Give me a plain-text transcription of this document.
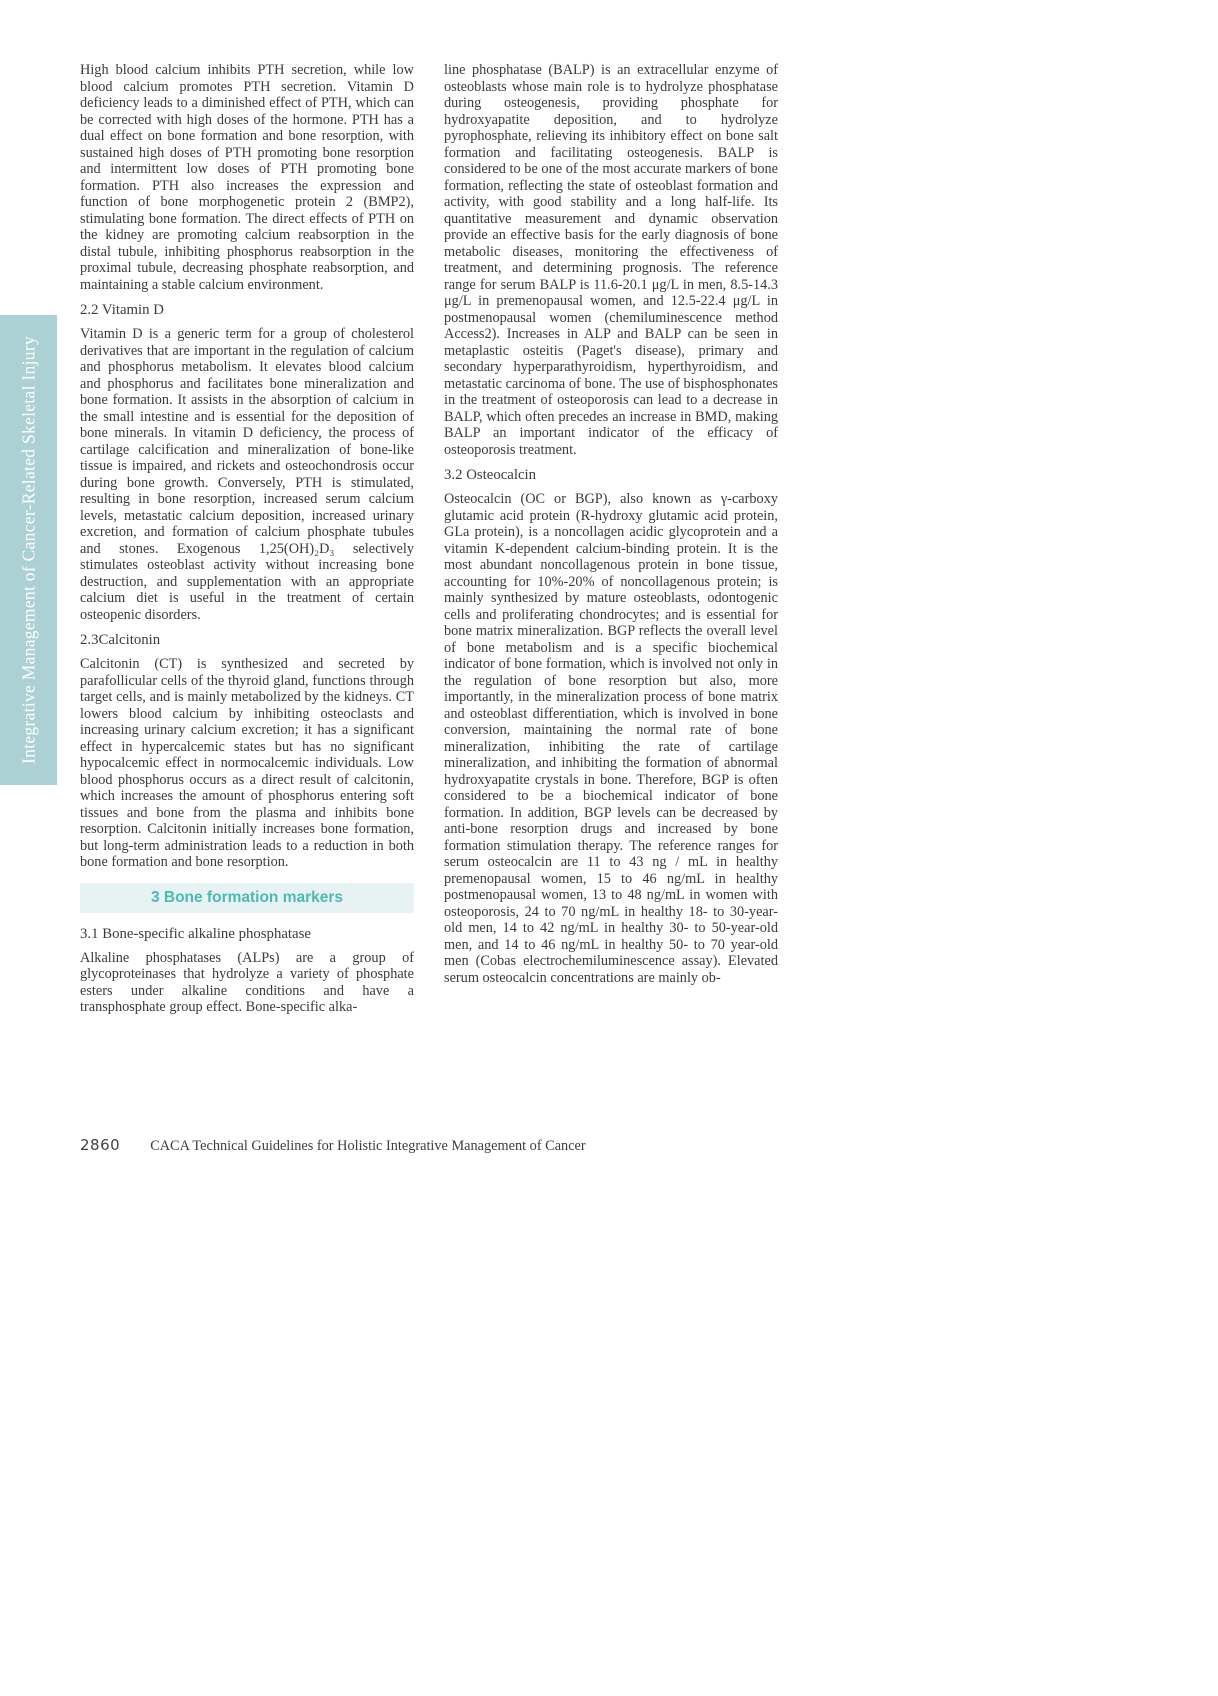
Integrative Management of Cancer-Related Skeletal Injury

High blood calcium inhibits PTH secretion, while low blood calcium promotes PTH secretion. Vitamin D deficiency leads to a diminished effect of PTH, which can be corrected with high doses of the hormone. PTH has a dual effect on bone formation and bone resorption, with sustained high doses of PTH promoting bone resorption and intermittent low doses of PTH promoting bone formation. PTH also increases the expression and function of bone morphogenetic protein 2 (BMP2), stimulating bone formation. The direct effects of PTH on the kidney are promoting calcium reabsorption in the distal tubule, inhibiting phosphorus reabsorption in the proximal tubule, decreasing phosphate reabsorption, and maintaining a stable calcium environment.

2.2 Vitamin D

Vitamin D is a generic term for a group of cholesterol derivatives that are important in the regulation of calcium and phosphorus metabolism. It elevates blood calcium and phosphorus and facilitates bone mineralization and bone formation. It assists in the absorption of calcium in the small intestine and is essential for the deposition of bone minerals. In vitamin D deficiency, the process of cartilage calcification and mineralization of bone-like tissue is impaired, and rickets and osteochondrosis occur during bone growth. Conversely, PTH is stimulated, resulting in bone resorption, increased serum calcium levels, metastatic calcium deposition, increased urinary excretion, and formation of calcium phosphate tubules and stones. Exogenous 1,25(OH)₂D₃ selectively stimulates osteoblast activity without increasing bone destruction, and supplementation with an appropriate calcium diet is useful in the treatment of certain osteopenic disorders.

2.3Calcitonin

Calcitonin (CT) is synthesized and secreted by parafollicular cells of the thyroid gland, functions through target cells, and is mainly metabolized by the kidneys. CT lowers blood calcium by inhibiting osteoclasts and increasing urinary calcium excretion; it has a significant effect in hypercalcemic states but has no significant hypocalcemic effect in normocalcemic individuals. Low blood phosphorus occurs as a direct result of calcitonin, which increases the amount of phosphorus entering soft tissues and bone from the plasma and inhibits bone resorption. Calcitonin initially increases bone formation, but long-term administration leads to a reduction in both bone formation and bone resorption.

3 Bone formation markers
3.1 Bone-specific alkaline phosphatase

Alkaline phosphatases (ALPs) are a group of glycoproteinases that hydrolyze a variety of phosphate esters under alkaline conditions and have a transphosphate group effect. Bone-specific alka-

line phosphatase (BALP) is an extracellular enzyme of osteoblasts whose main role is to hydrolyze phosphatase during osteogenesis, providing phosphate for hydroxyapatite deposition, and to hydrolyze pyrophosphate, relieving its inhibitory effect on bone salt formation and facilitating osteogenesis. BALP is considered to be one of the most accurate markers of bone formation, reflecting the state of osteoblast formation and activity, with good stability and a long half-life. Its quantitative measurement and dynamic observation provide an effective basis for the early diagnosis of bone metabolic diseases, monitoring the effectiveness of treatment, and determining prognosis. The reference range for serum BALP is 11.6-20.1 μg/L in men, 8.5-14.3 μg/L in premenopausal women, and 12.5-22.4 μg/L in postmenopausal women (chemiluminescence method Access2). Increases in ALP and BALP can be seen in metaplastic osteitis (Paget's disease), primary and secondary hyperparathyroidism, hyperthyroidism, and metastatic carcinoma of bone. The use of bisphosphonates in the treatment of osteoporosis can lead to a decrease in BALP, which often precedes an increase in BMD, making BALP an important indicator of the efficacy of osteoporosis treatment.

3.2 Osteocalcin

Osteocalcin (OC or BGP), also known as γ-carboxy glutamic acid protein (R-hydroxy glutamic acid protein, GLa protein), is a noncollagen acidic glycoprotein and a vitamin K-dependent calcium-binding protein. It is the most abundant noncollagenous protein in bone tissue, accounting for 10%-20% of noncollagenous protein; is mainly synthesized by mature osteoblasts, odontogenic cells and proliferating chondrocytes; and is essential for bone matrix mineralization. BGP reflects the overall level of bone metabolism and is a specific biochemical indicator of bone formation, which is involved not only in the regulation of bone resorption but also, more importantly, in the mineralization process of bone matrix and osteoblast differentiation, which is involved in bone conversion, maintaining the normal rate of bone mineralization, inhibiting the rate of cartilage mineralization, and inhibiting the formation of abnormal hydroxyapatite crystals in bone. Therefore, BGP is often considered to be a biochemical indicator of bone formation. In addition, BGP levels can be decreased by anti-bone resorption drugs and increased by bone formation stimulation therapy. The reference ranges for serum osteocalcin are 11 to 43 ng / mL in healthy premenopausal women, 15 to 46 ng/mL in healthy postmenopausal women, 13 to 48 ng/mL in women with osteoporosis, 24 to 70 ng/mL in healthy 18- to 30-year-old men, 14 to 42 ng/mL in healthy 30- to 50-year-old men, and 14 to 46 ng/mL in healthy 50- to 70 year-old men (Cobas electrochemiluminescence assay). Elevated serum osteocalcin concentrations are mainly ob-

2860 CACA Technical Guidelines for Holistic Integrative Management of Cancer
